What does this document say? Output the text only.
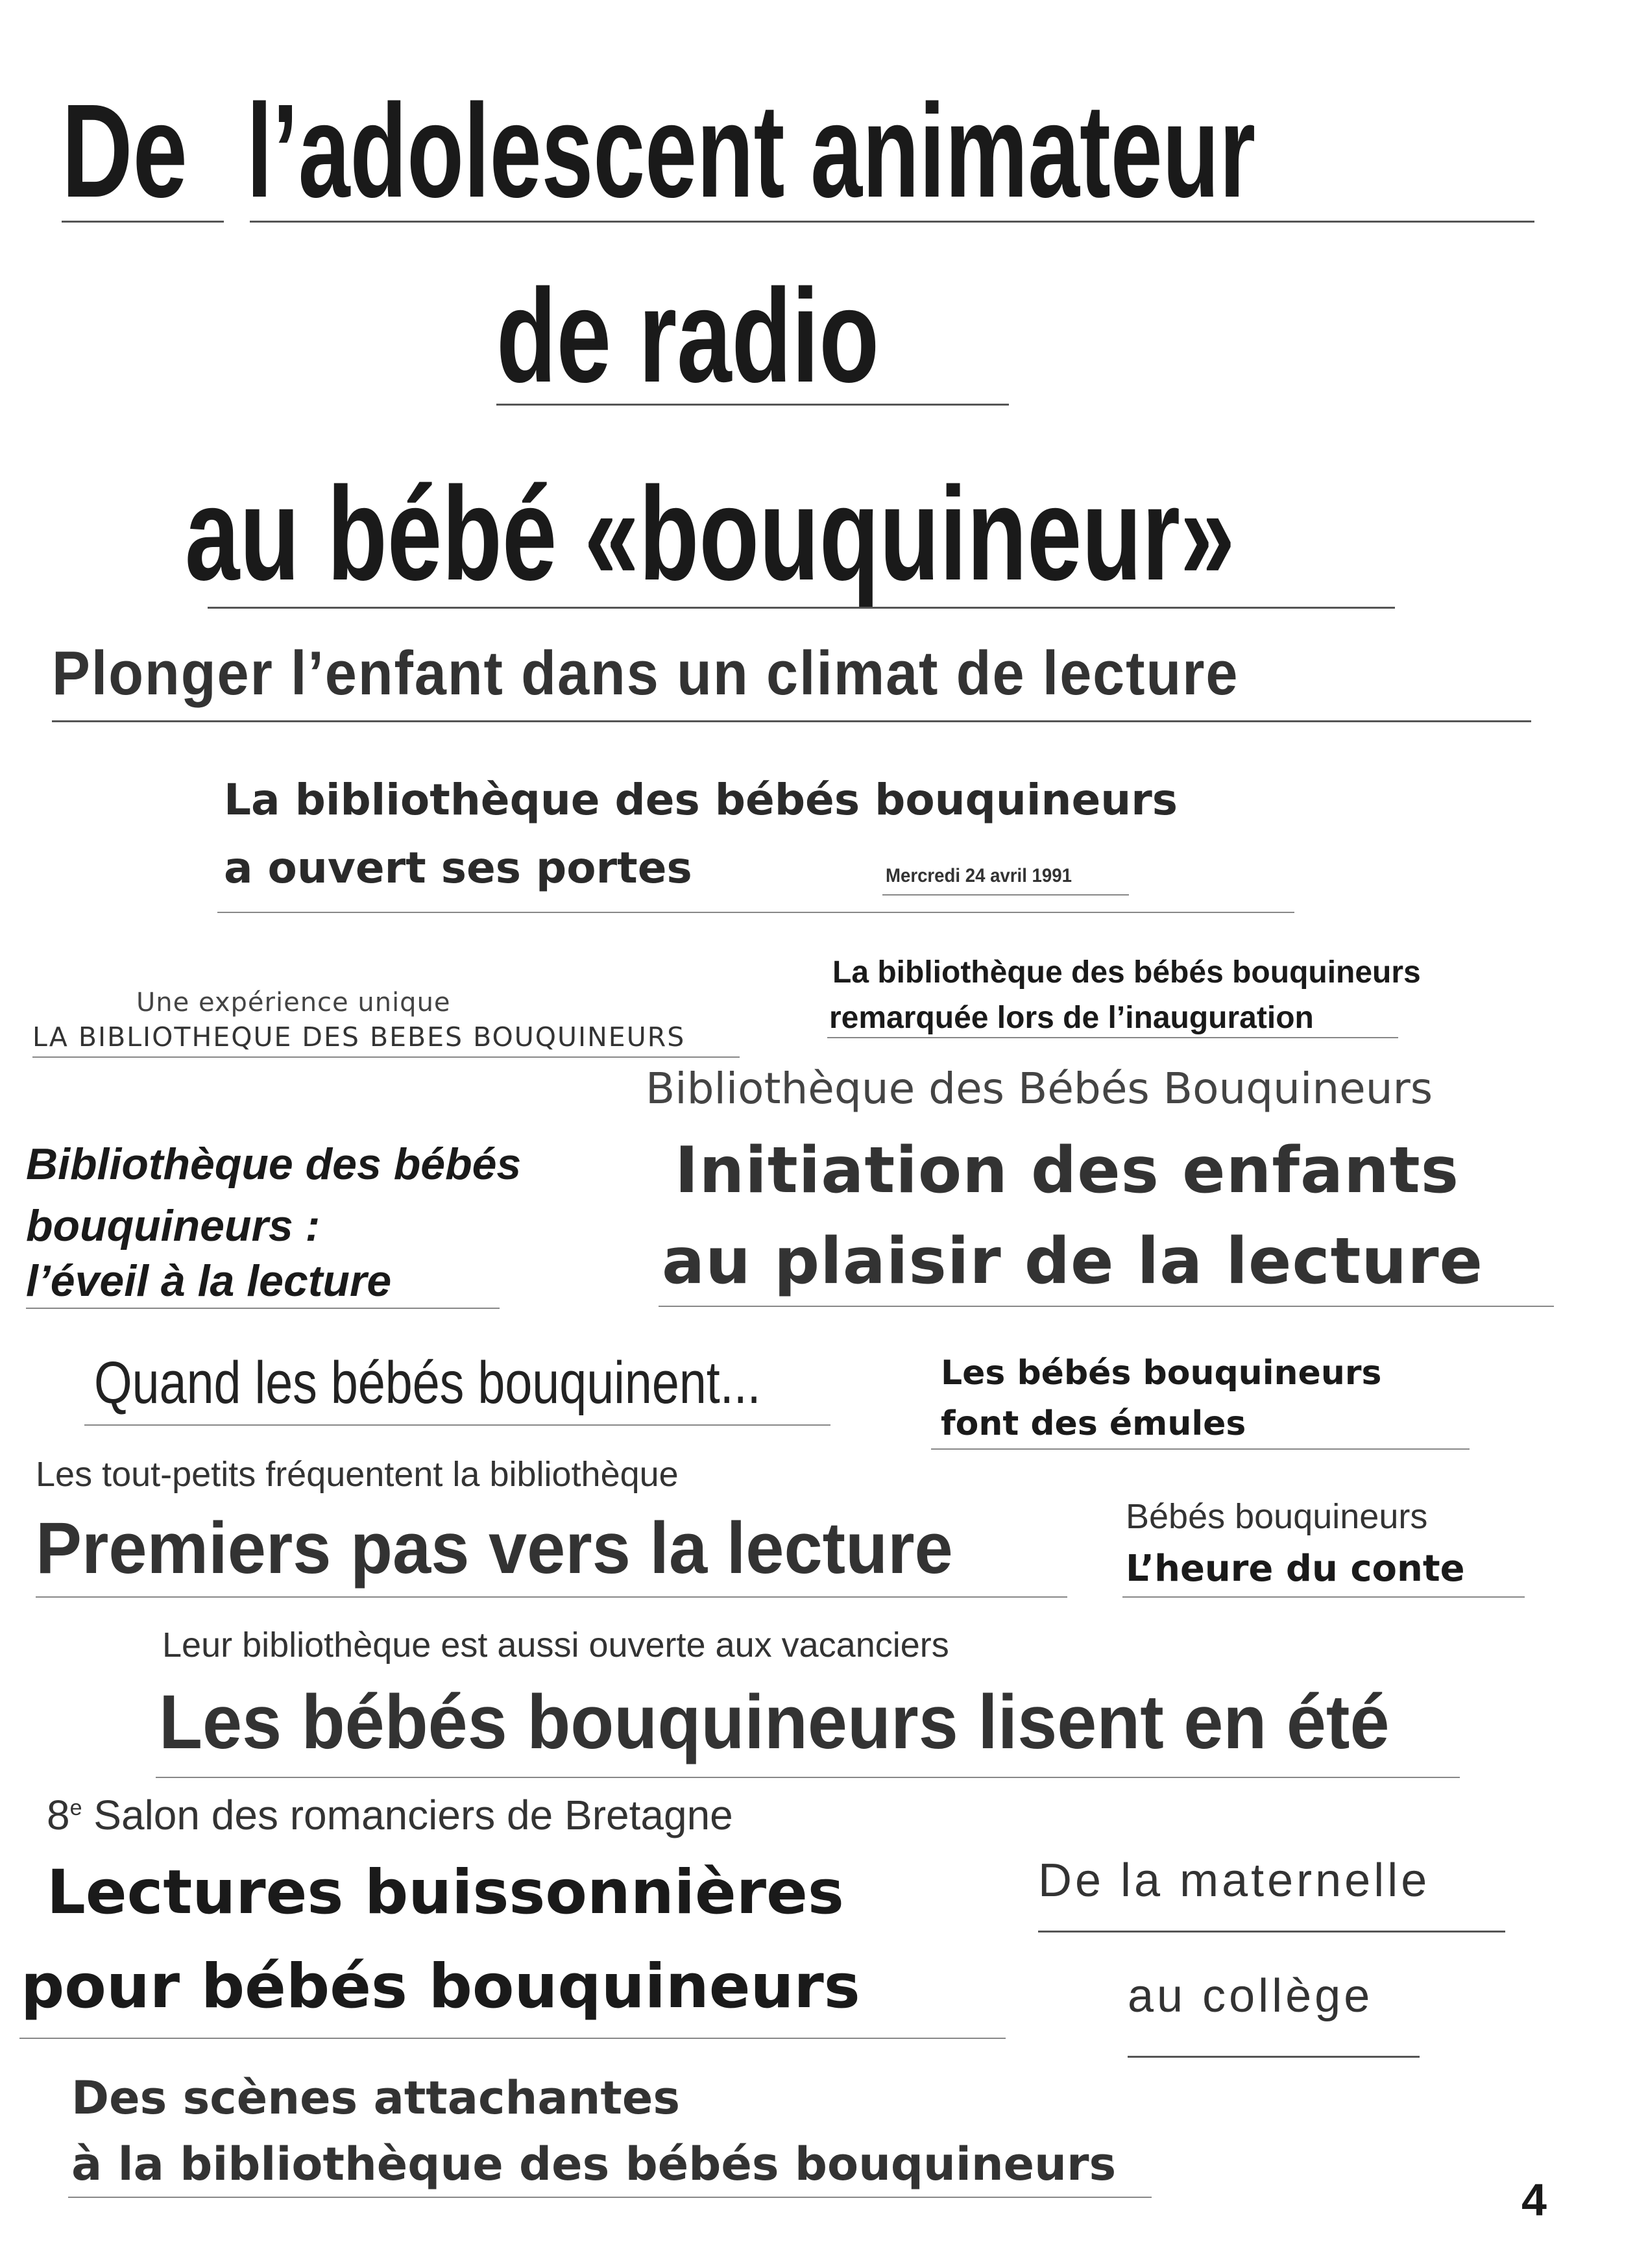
De l’adolescent animateur
de radio
au bébé «bouquineur»
Plonger l’enfant dans un climat de lecture
La bibliothèque des bébés bouquineurs
a ouvert ses portes	Mercredi 24 avril 1991
La bibliothèque des bébés bouquineurs
remarquée lors de l’inauguration
Une expérience unique
LA BIBLIOTHEQUE DES BEBES BOUQUINEURS
Bibliothèque des Bébés Bouquineurs
Bibliothèque des bébés
bouquineurs :
l’éveil à la lecture
Initiation des enfants
au plaisir de la lecture
Quand les bébés bouquinent...	Les bébés bouquineurs
font des émules
Les tout-petits fréquentent la bibliothèque
Premiers pas vers la lecture	Bébés bouquineurs
L’heure du conte
Leur bibliothèque est aussi ouverte aux vacanciers
Les bébés bouquineurs lisent en été
8e Salon des romanciers de Bretagne
Lectures buissonnières
pour bébés bouquineurs
De la maternelle
au collège
Des scènes attachantes
à la bibliothèque des bébés bouquineurs
4
